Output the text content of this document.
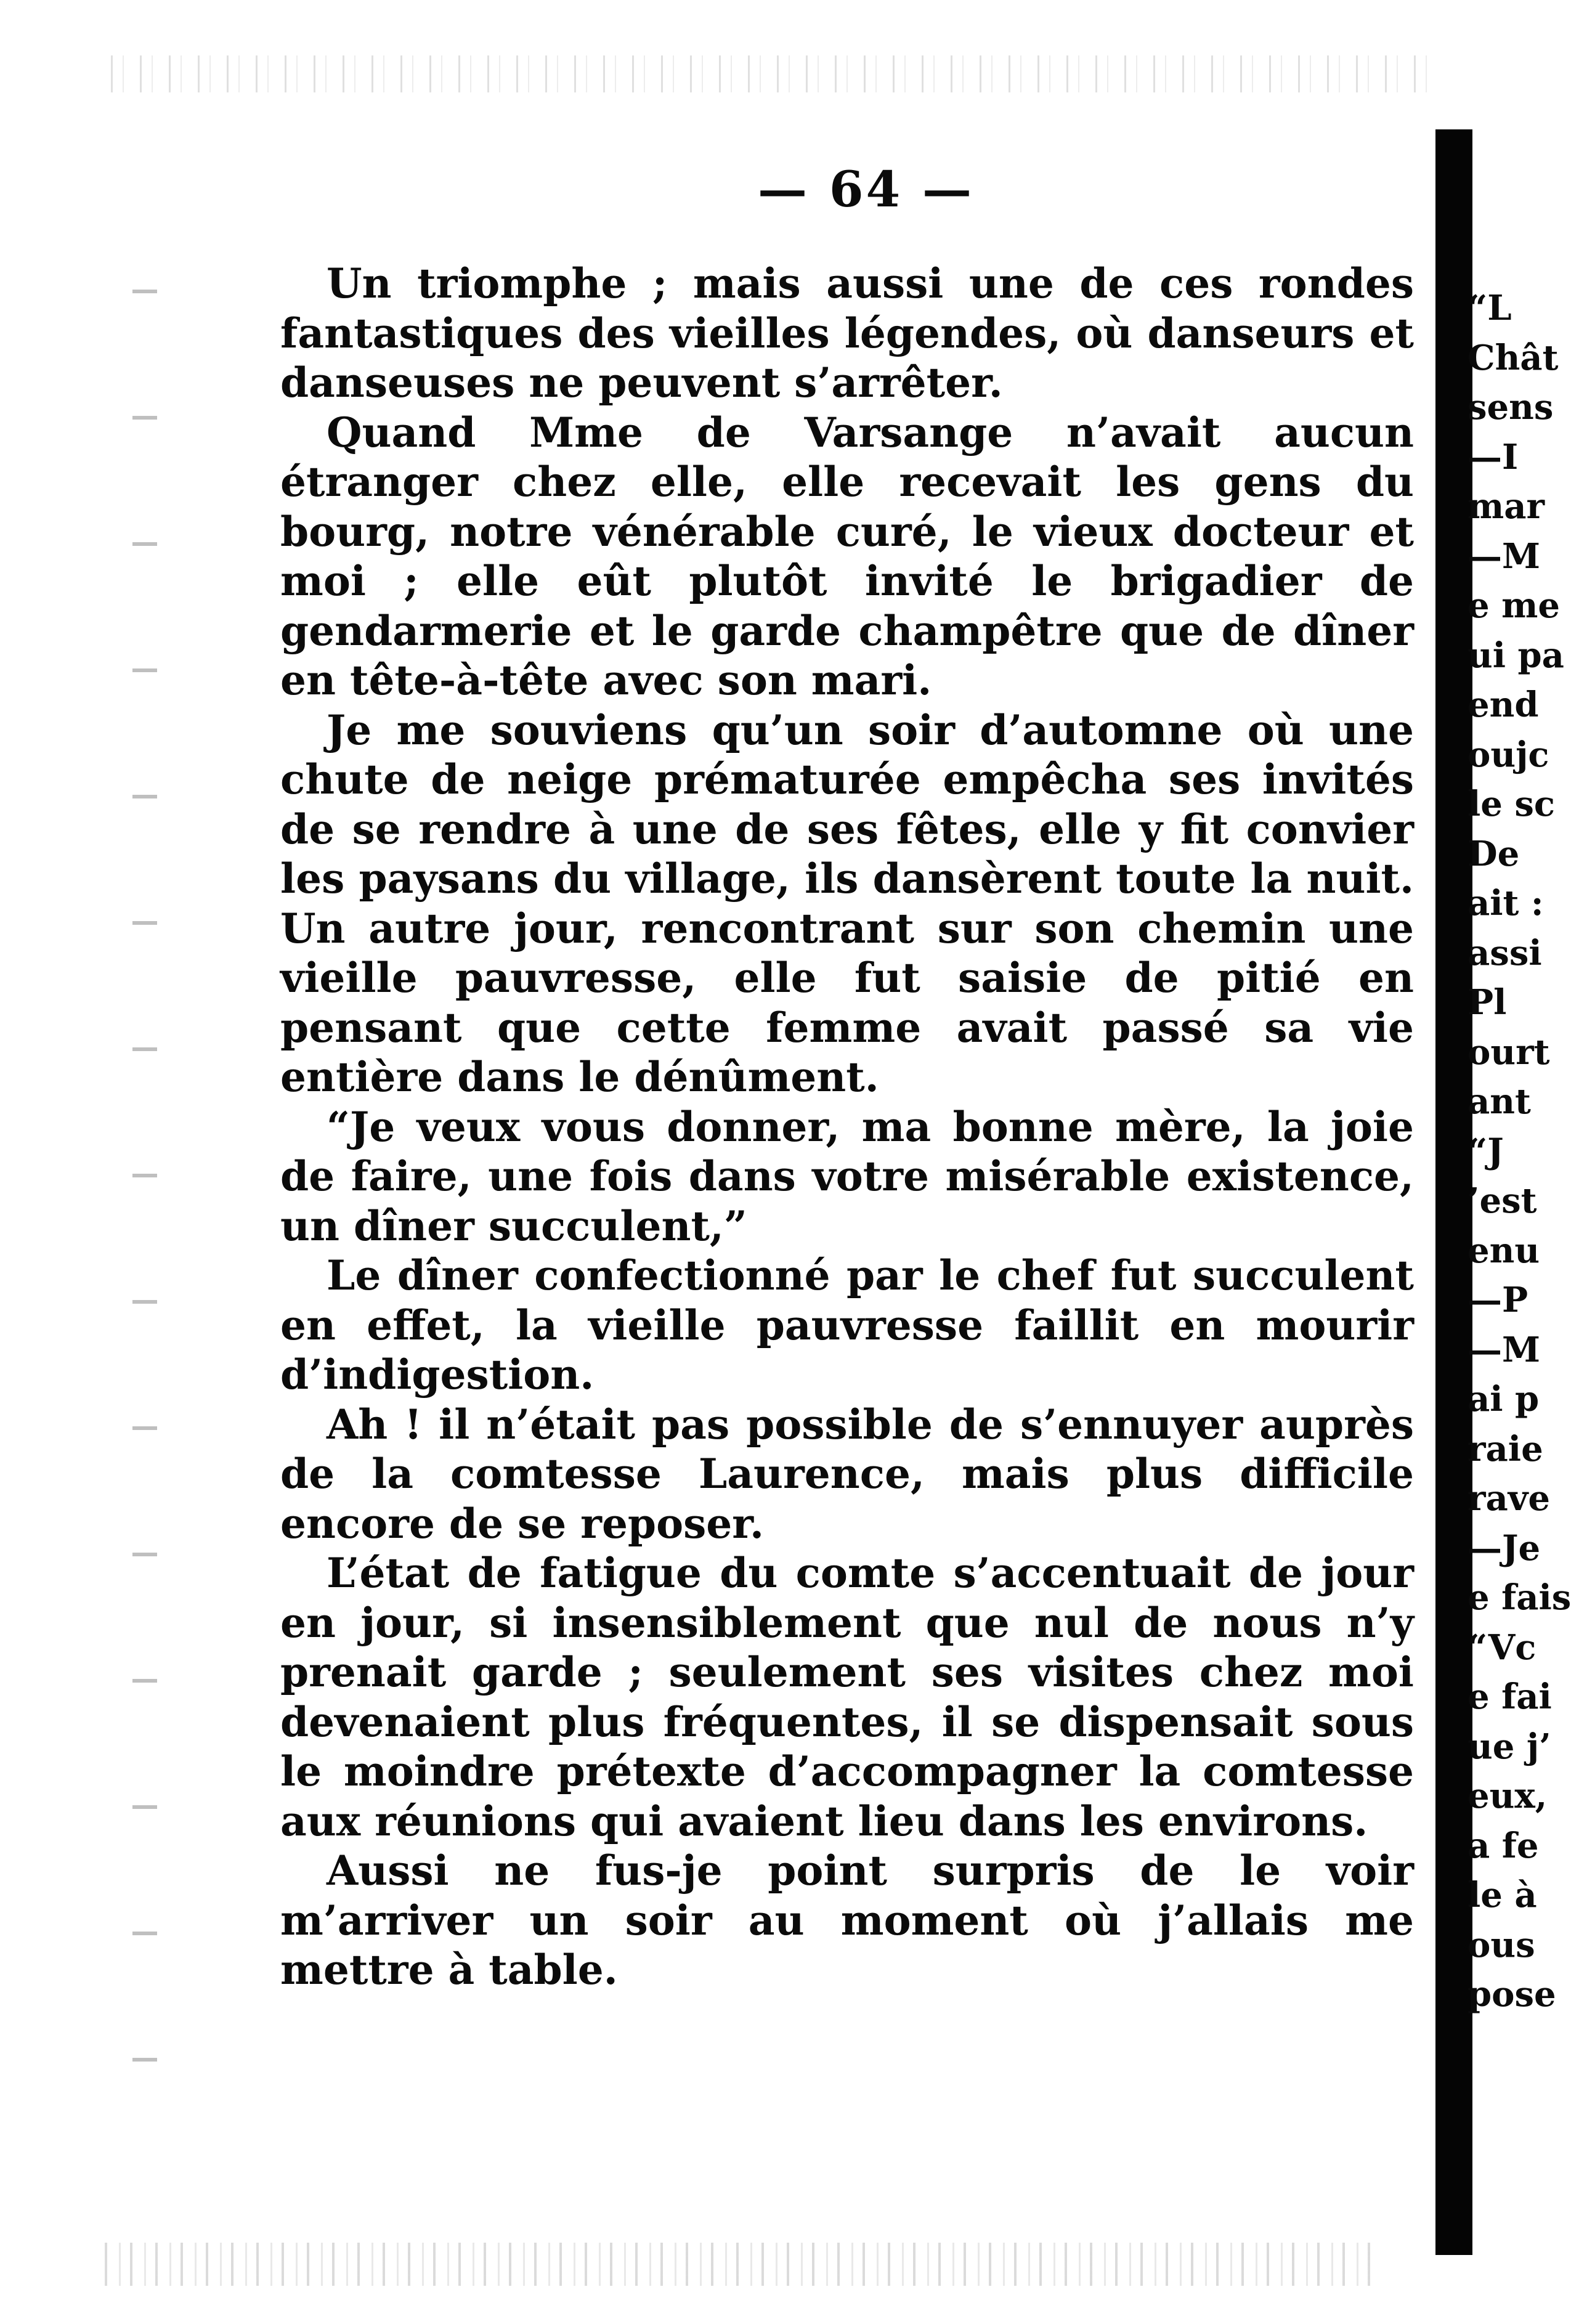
— 64 —

Un triomphe ; mais aussi une de ces rondes fantastiques des vieilles légendes, où danseurs et danseuses ne peuvent s’arrêter.

Quand Mme de Varsange n’avait aucun étranger chez elle, elle recevait les gens du bourg, notre vénérable curé, le vieux docteur et moi ; elle eût plutôt invité le brigadier de gendarmerie et le garde champêtre que de dîner en tête-à-tête avec son mari.

Je me souviens qu’un soir d’automne où une chute de neige prématurée empêcha ses invités de se rendre à une de ses fêtes, elle y fit convier les paysans du village, ils dansèrent toute la nuit. Un autre jour, rencontrant sur son chemin une vieille pauvresse, elle fut saisie de pitié en pensant que cette femme avait passé sa vie entière dans le dénûment.

“Je veux vous donner, ma bonne mère, la joie de faire, une fois dans votre misérable existence, un dîner succulent,”

Le dîner confectionné par le chef fut succulent en effet, la vieille pauvresse faillit en mourir d’indigestion.

Ah ! il n’était pas possible de s’ennuyer auprès de la comtesse Laurence, mais plus difficile encore de se reposer.

L’état de fatigue du comte s’accentuait de jour en jour, si insensiblement que nul de nous n’y prenait garde ; seulement ses visites chez moi devenaient plus fréquentes, il se dispensait sous le moindre prétexte d’accompagner la comtesse aux réunions qui avaient lieu dans les environs.

Aussi ne fus-je point surpris de le voir m’arriver un soir au moment où j’allais me mettre à table.

“L
Chât
sens
—I
mar
—M
e me
ui pa
end
oujc
le sc
De
ait :
assi
Pl
ourt
ant
“J
’est
enu
—P
—M
ai p
raie
rave
—Je
e fais
“Vc
e fai
ue j’
eux,
a fe
le à
ous
pose
